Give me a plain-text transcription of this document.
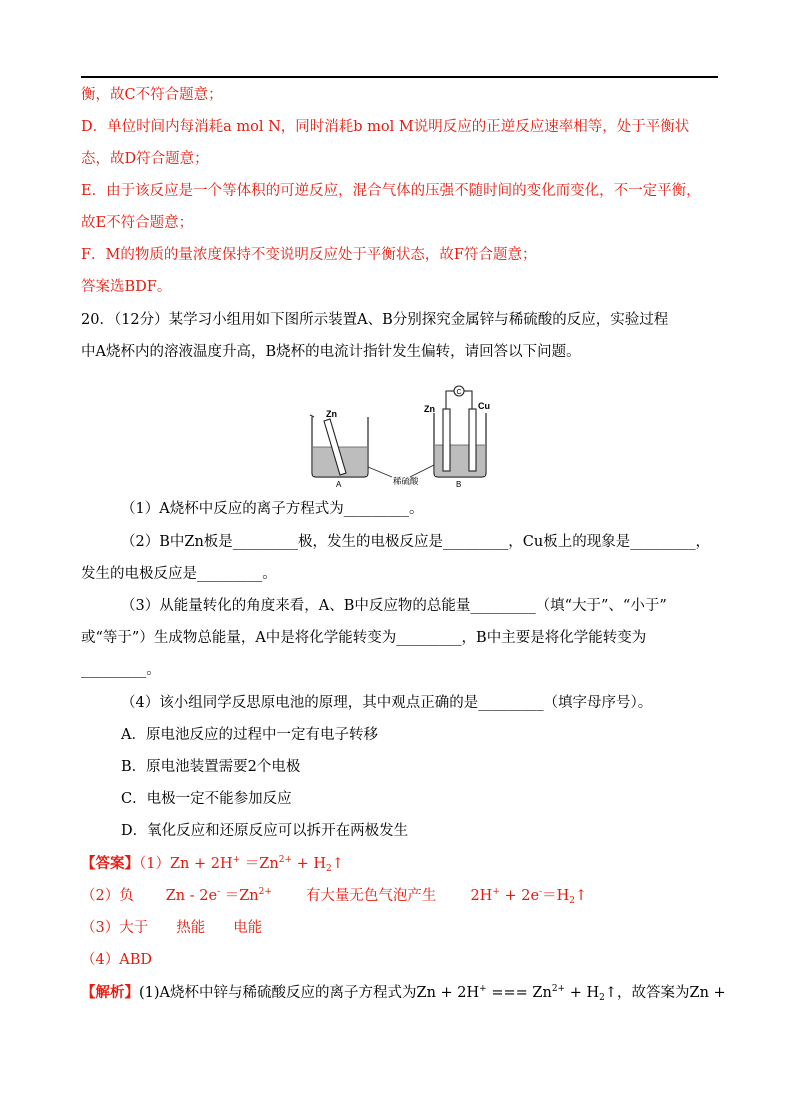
衡，故C不符合题意；
D．单位时间内每消耗a mol N，同时消耗b mol M说明反应的正逆反应速率相等，处于平衡状
态，故D符合题意；
E．由于该反应是一个等体积的可逆反应，混合气体的压强不随时间的变化而变化，不一定平衡，
故E不符合题意；
F．M的物质的量浓度保持不变说明反应处于平衡状态，故F符合题意；
答案选BDF。
20．（12分）某学习小组用如下图所示装置A、B分别探究金属锌与稀硫酸的反应，实验过程
中A烧杯内的溶液温度升高，B烧杯的电流计指针发生偏转，请回答以下问题。
Zn
A
C
Zn	Cu
B
稀硫酸
（1）A烧杯中反应的离子方程式为_________。
（2）B中Zn板是_________极，发生的电极反应是_________，Cu板上的现象是_________，
发生的电极反应是_________。
（3）从能量转化的角度来看，A、B中反应物的总能量_________（填“大于”、“小于”
或“等于”）生成物总能量，A中是将化学能转变为_________，B中主要是将化学能转变为
_________。
（4）该小组同学反思原电池的原理，其中观点正确的是_________（填字母序号）。
A．原电池反应的过程中一定有电子转移
B．原电池装置需要2个电极
C．电极一定不能参加反应
D．氧化反应和还原反应可以拆开在两极发生
【答案】$(1)Zn + 2H^+ =Zn^{2+}$ + $H_2↑$
（2）负 $Zn - 2e^- =Zn^{2+}$ 有大量无色气泡产生 $2H^+ + 2e^-=H_2↑$
（3）大于 热能 电能
（4）ABD
【解析】(1)A烧杯中锌与稀硫酸反应的离子方程式为Zn + 2H+ === $Zn^{2+}$ + $H_2↑$，故答案为Zn +
